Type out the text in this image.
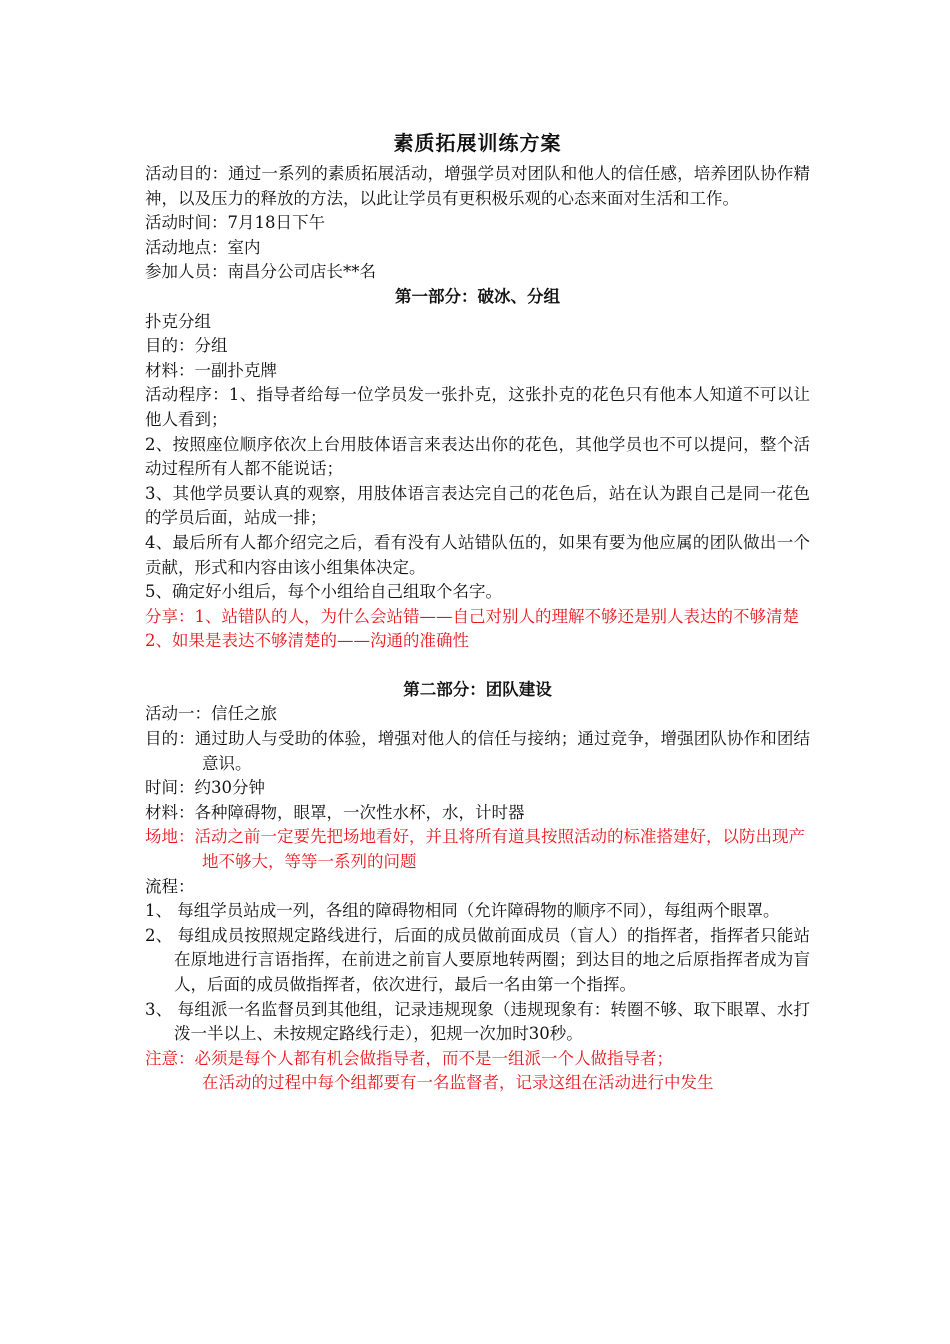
素质拓展训练方案

活动目的：通过一系列的素质拓展活动，增强学员对团队和他人的信任感，培养团队协作精神，以及压力的释放的方法，以此让学员有更积极乐观的心态来面对生活和工作。

活动时间：7月18日下午

活动地点：室内

参加人员：南昌分公司店长**名

第一部分：破冰、分组

扑克分组

目的：分组

材料：一副扑克牌

活动程序：1、指导者给每一位学员发一张扑克，这张扑克的花色只有他本人知道不可以让他人看到；

2、按照座位顺序依次上台用肢体语言来表达出你的花色，其他学员也不可以提问，整个活动过程所有人都不能说话；

3、其他学员要认真的观察，用肢体语言表达完自己的花色后，站在认为跟自己是同一花色的学员后面，站成一排；

4、最后所有人都介绍完之后，看有没有人站错队伍的，如果有要为他应属的团队做出一个贡献，形式和内容由该小组集体决定。

5、确定好小组后，每个小组给自己组取个名字。

分享：1、站错队的人，为什么会站错——自己对别人的理解不够还是别人表达的不够清楚

2、如果是表达不够清楚的——沟通的准确性

第二部分：团队建设

活动一：信任之旅

目的：通过助人与受助的体验，增强对他人的信任与接纳；通过竞争，增强团队协作和团结意识。

时间：约30分钟

材料：各种障碍物，眼罩，一次性水杯，水，计时器

场地：活动之前一定要先把场地看好，并且将所有道具按照活动的标准搭建好，以防出现产地不够大，等等一系列的问题

流程：

1、 每组学员站成一列，各组的障碍物相同（允许障碍物的顺序不同），每组两个眼罩。

2、 每组成员按照规定路线进行，后面的成员做前面成员（盲人）的指挥者，指挥者只能站在原地进行言语指挥，在前进之前盲人要原地转两圈；到达目的地之后原指挥者成为盲人，后面的成员做指挥者，依次进行，最后一名由第一个指挥。

3、 每组派一名监督员到其他组，记录违规现象（违规现象有：转圈不够、取下眼罩、水打泼一半以上、未按规定路线行走），犯规一次加时30秒。

注意：必须是每个人都有机会做指导者，而不是一组派一个人做指导者；

在活动的过程中每个组都要有一名监督者，记录这组在活动进行中发生
